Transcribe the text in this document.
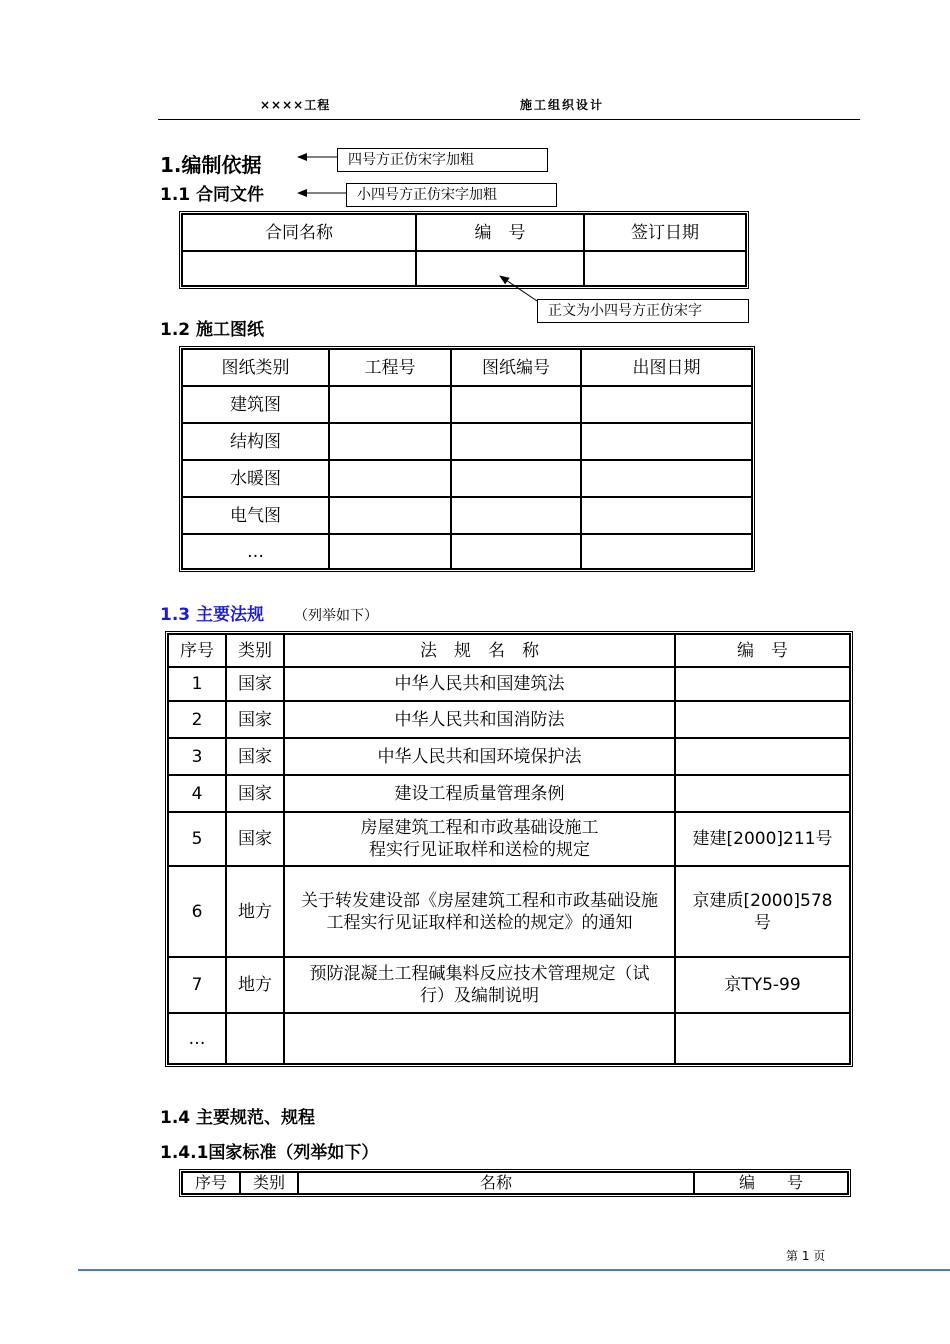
××××工程	施工组织设计
1.编制依据	四号方正仿宋字加粗
小四号方正仿宋字加粗
正文为小四号方正仿宋字
1.1 合同文件
合同名称	编　号	签订日期

1.2 施工图纸
图纸类别	工程号	图纸编号	出图日期
建筑图			
结构图			
水暖图			
电气图			
…			
1.3 主要法规 （列举如下）
序号	类别	法　规　名　称	编　号
1	国家	中华人民共和国建筑法	
2	国家	中华人民共和国消防法	
3	国家	中华人民共和国环境保护法	
4	国家	建设工程质量管理条例	
5	国家	房屋建筑工程和市政基础设施工程实行见证取样和送检的规定	建建[2000]211号
6	地方	关于转发建设部《房屋建筑工程和市政基础设施工程实行见证取样和送检的规定》的通知	京建质[2000]578号
7	地方	预防混凝土工程碱集料反应技术管理规定（试行）及编制说明	京TY5-99
…			
1.4 主要规范、规程
1.4.1国家标准（列举如下）
序号	类别	名称	编　　号
第 1 页
